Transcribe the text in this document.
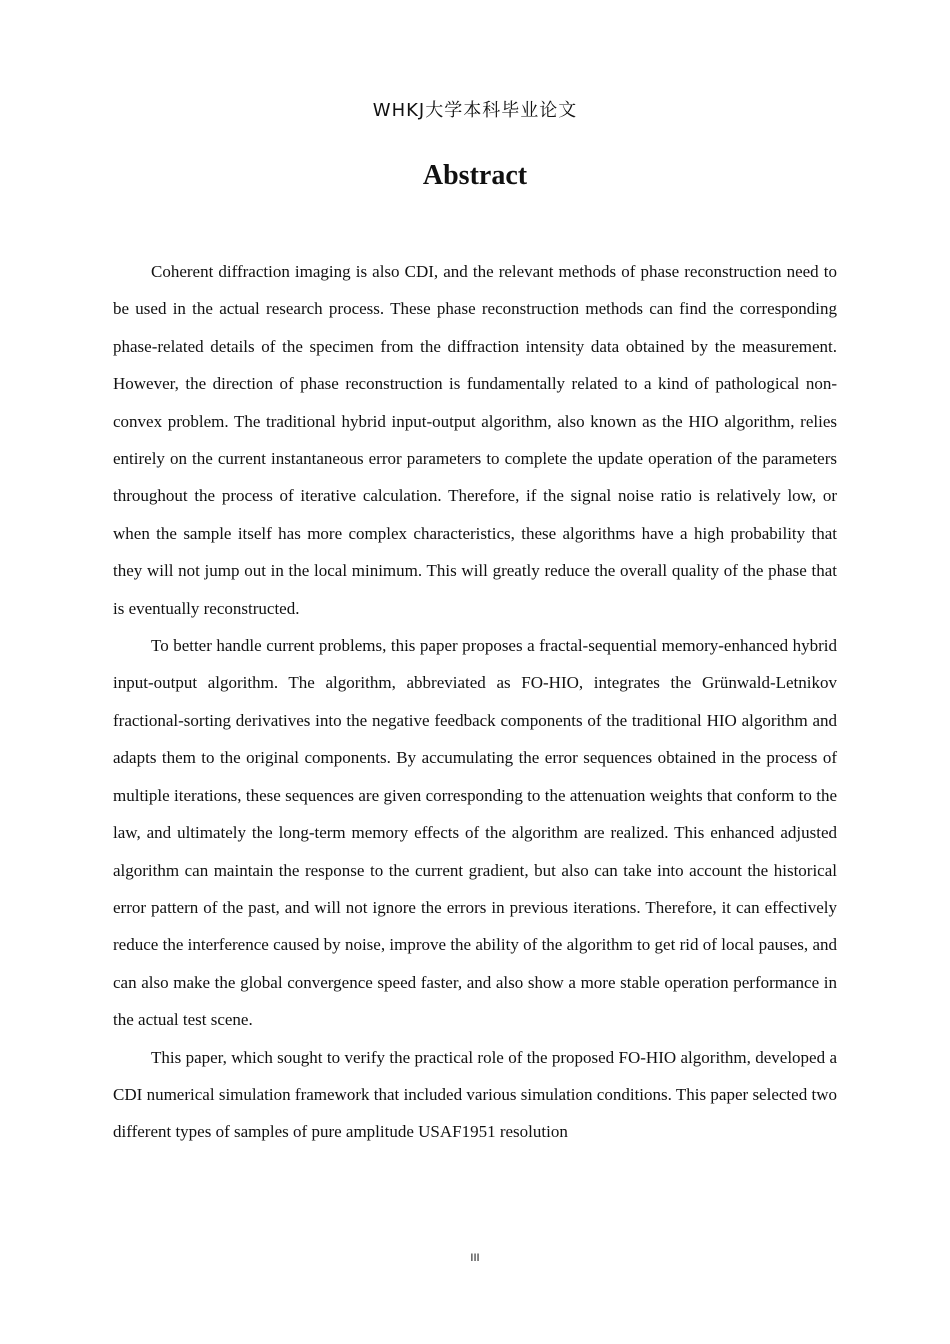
WHKJ大学本科毕业论文
Abstract

Coherent diffraction imaging is also CDI, and the relevant methods of phase reconstruction need to be used in the actual research process. These phase reconstruction methods can find the corresponding phase-related details of the specimen from the diffraction intensity data obtained by the measurement. However, the direction of phase reconstruction is fundamentally related to a kind of pathological non-convex problem. The traditional hybrid input-output algorithm, also known as the HIO algorithm, relies entirely on the current instantaneous error parameters to complete the update operation of the parameters throughout the process of iterative calculation. Therefore, if the signal noise ratio is relatively low, or when the sample itself has more complex characteristics, these algorithms have a high probability that they will not jump out in the local minimum. This will greatly reduce the overall quality of the phase that is eventually reconstructed.

To better handle current problems, this paper proposes a fractal-sequential memory-enhanced hybrid input-output algorithm. The algorithm, abbreviated as FO-HIO, integrates the Grünwald-Letnikov fractional-sorting derivatives into the negative feedback components of the traditional HIO algorithm and adapts them to the original components. By accumulating the error sequences obtained in the process of multiple iterations, these sequences are given corresponding to the attenuation weights that conform to the law, and ultimately the long-term memory effects of the algorithm are realized. This enhanced adjusted algorithm can maintain the response to the current gradient, but also can take into account the historical error pattern of the past, and will not ignore the errors in previous iterations. Therefore, it can effectively reduce the interference caused by noise, improve the ability of the algorithm to get rid of local pauses, and can also make the global convergence speed faster, and also show a more stable operation performance in the actual test scene.

This paper, which sought to verify the practical role of the proposed FO-HIO algorithm, developed a CDI numerical simulation framework that included various simulation conditions. This paper selected two different types of samples of pure amplitude USAF1951 resolution

III
